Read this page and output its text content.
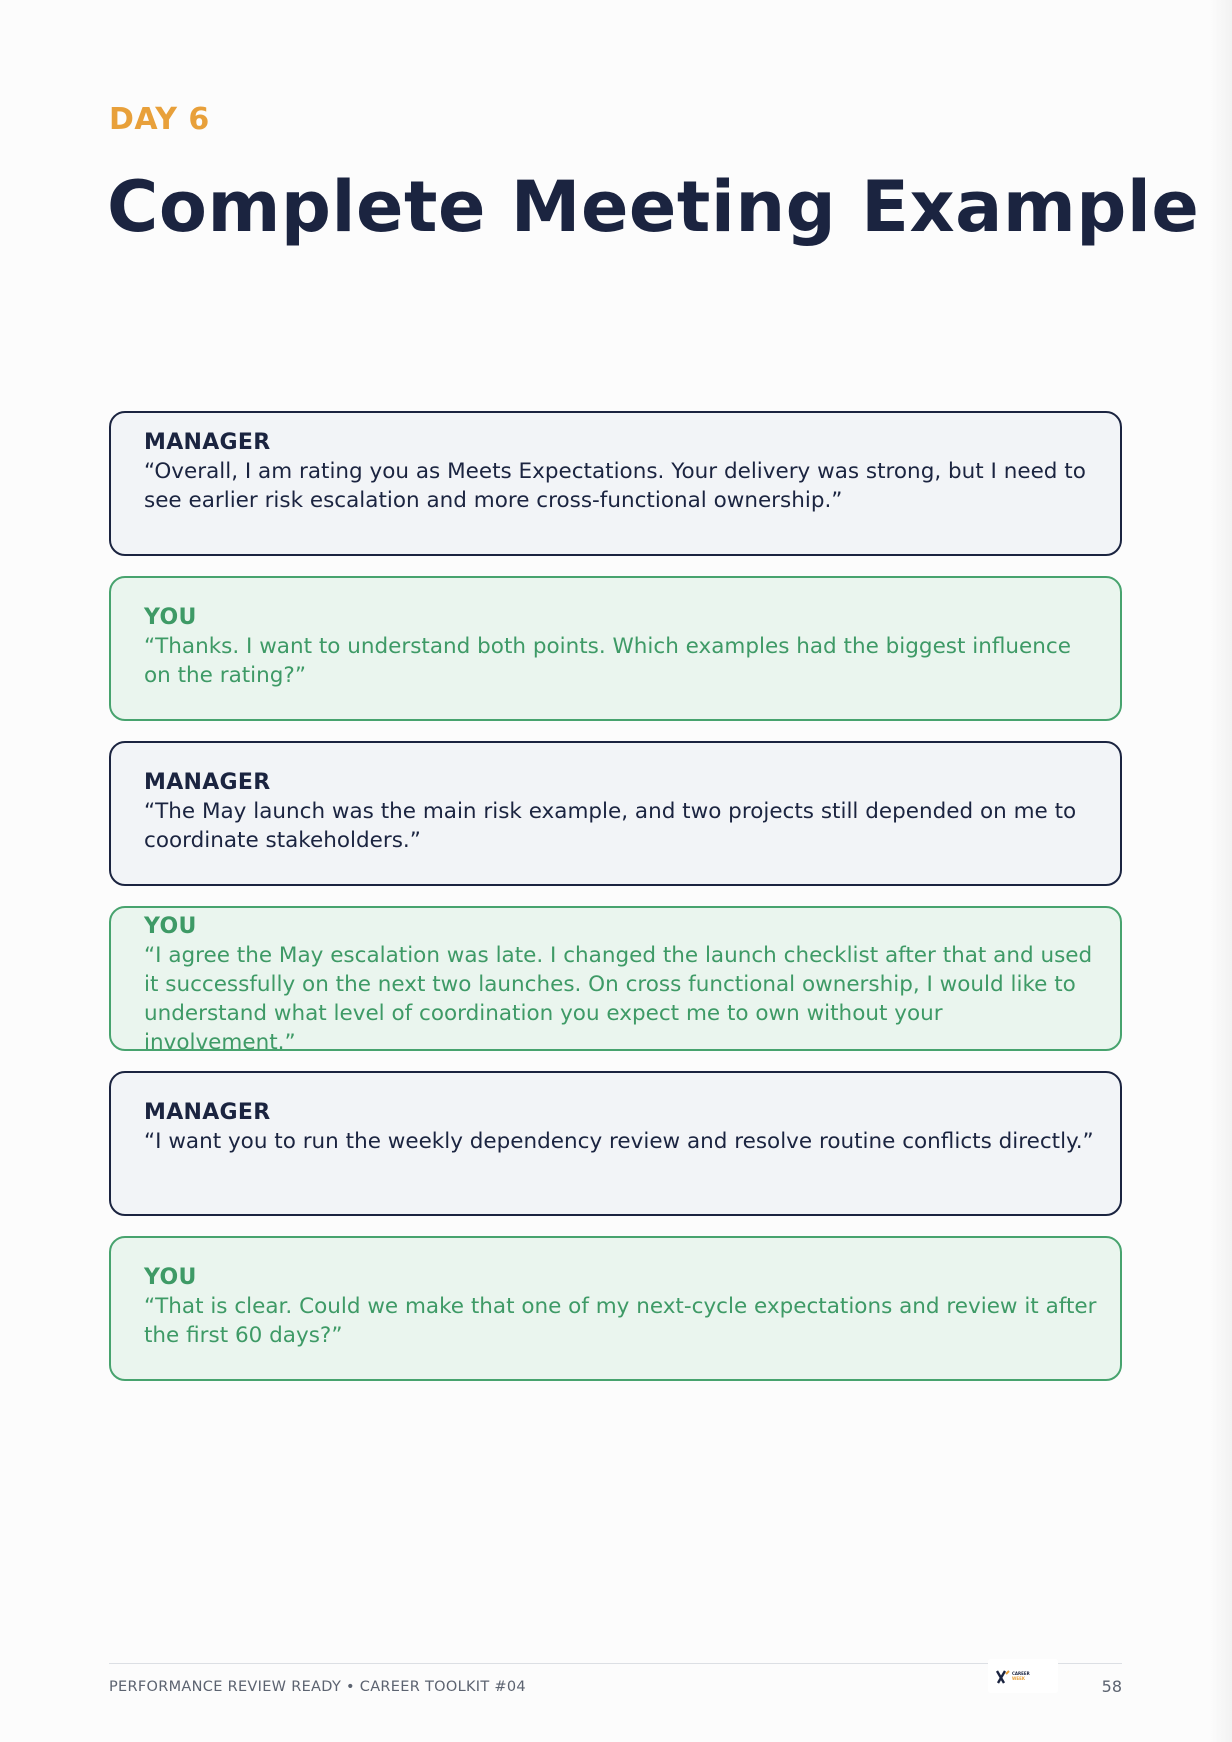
DAY 6
Complete Meeting Example
MANAGER
“Overall, I am rating you as Meets Expectations. Your delivery was strong, but I need to see earlier risk escalation and more cross-functional ownership.”
YOU
“Thanks. I want to understand both points. Which examples had the biggest influence on the rating?”
MANAGER
“The May launch was the main risk example, and two projects still depended on me to coordinate stakeholders.”
YOU
“I agree the May escalation was late. I changed the launch checklist after that and used it successfully on the next two launches. On cross functional ownership, I would like to understand what level of coordination you expect me to own without your involvement.”
MANAGER
“I want you to run the weekly dependency review and resolve routine conflicts directly.”
YOU
“That is clear. Could we make that one of my next-cycle expectations and review it after the first 60 days?”
PERFORMANCE REVIEW READY • CAREER TOOLKIT #04
CAREER
WEEK	58
